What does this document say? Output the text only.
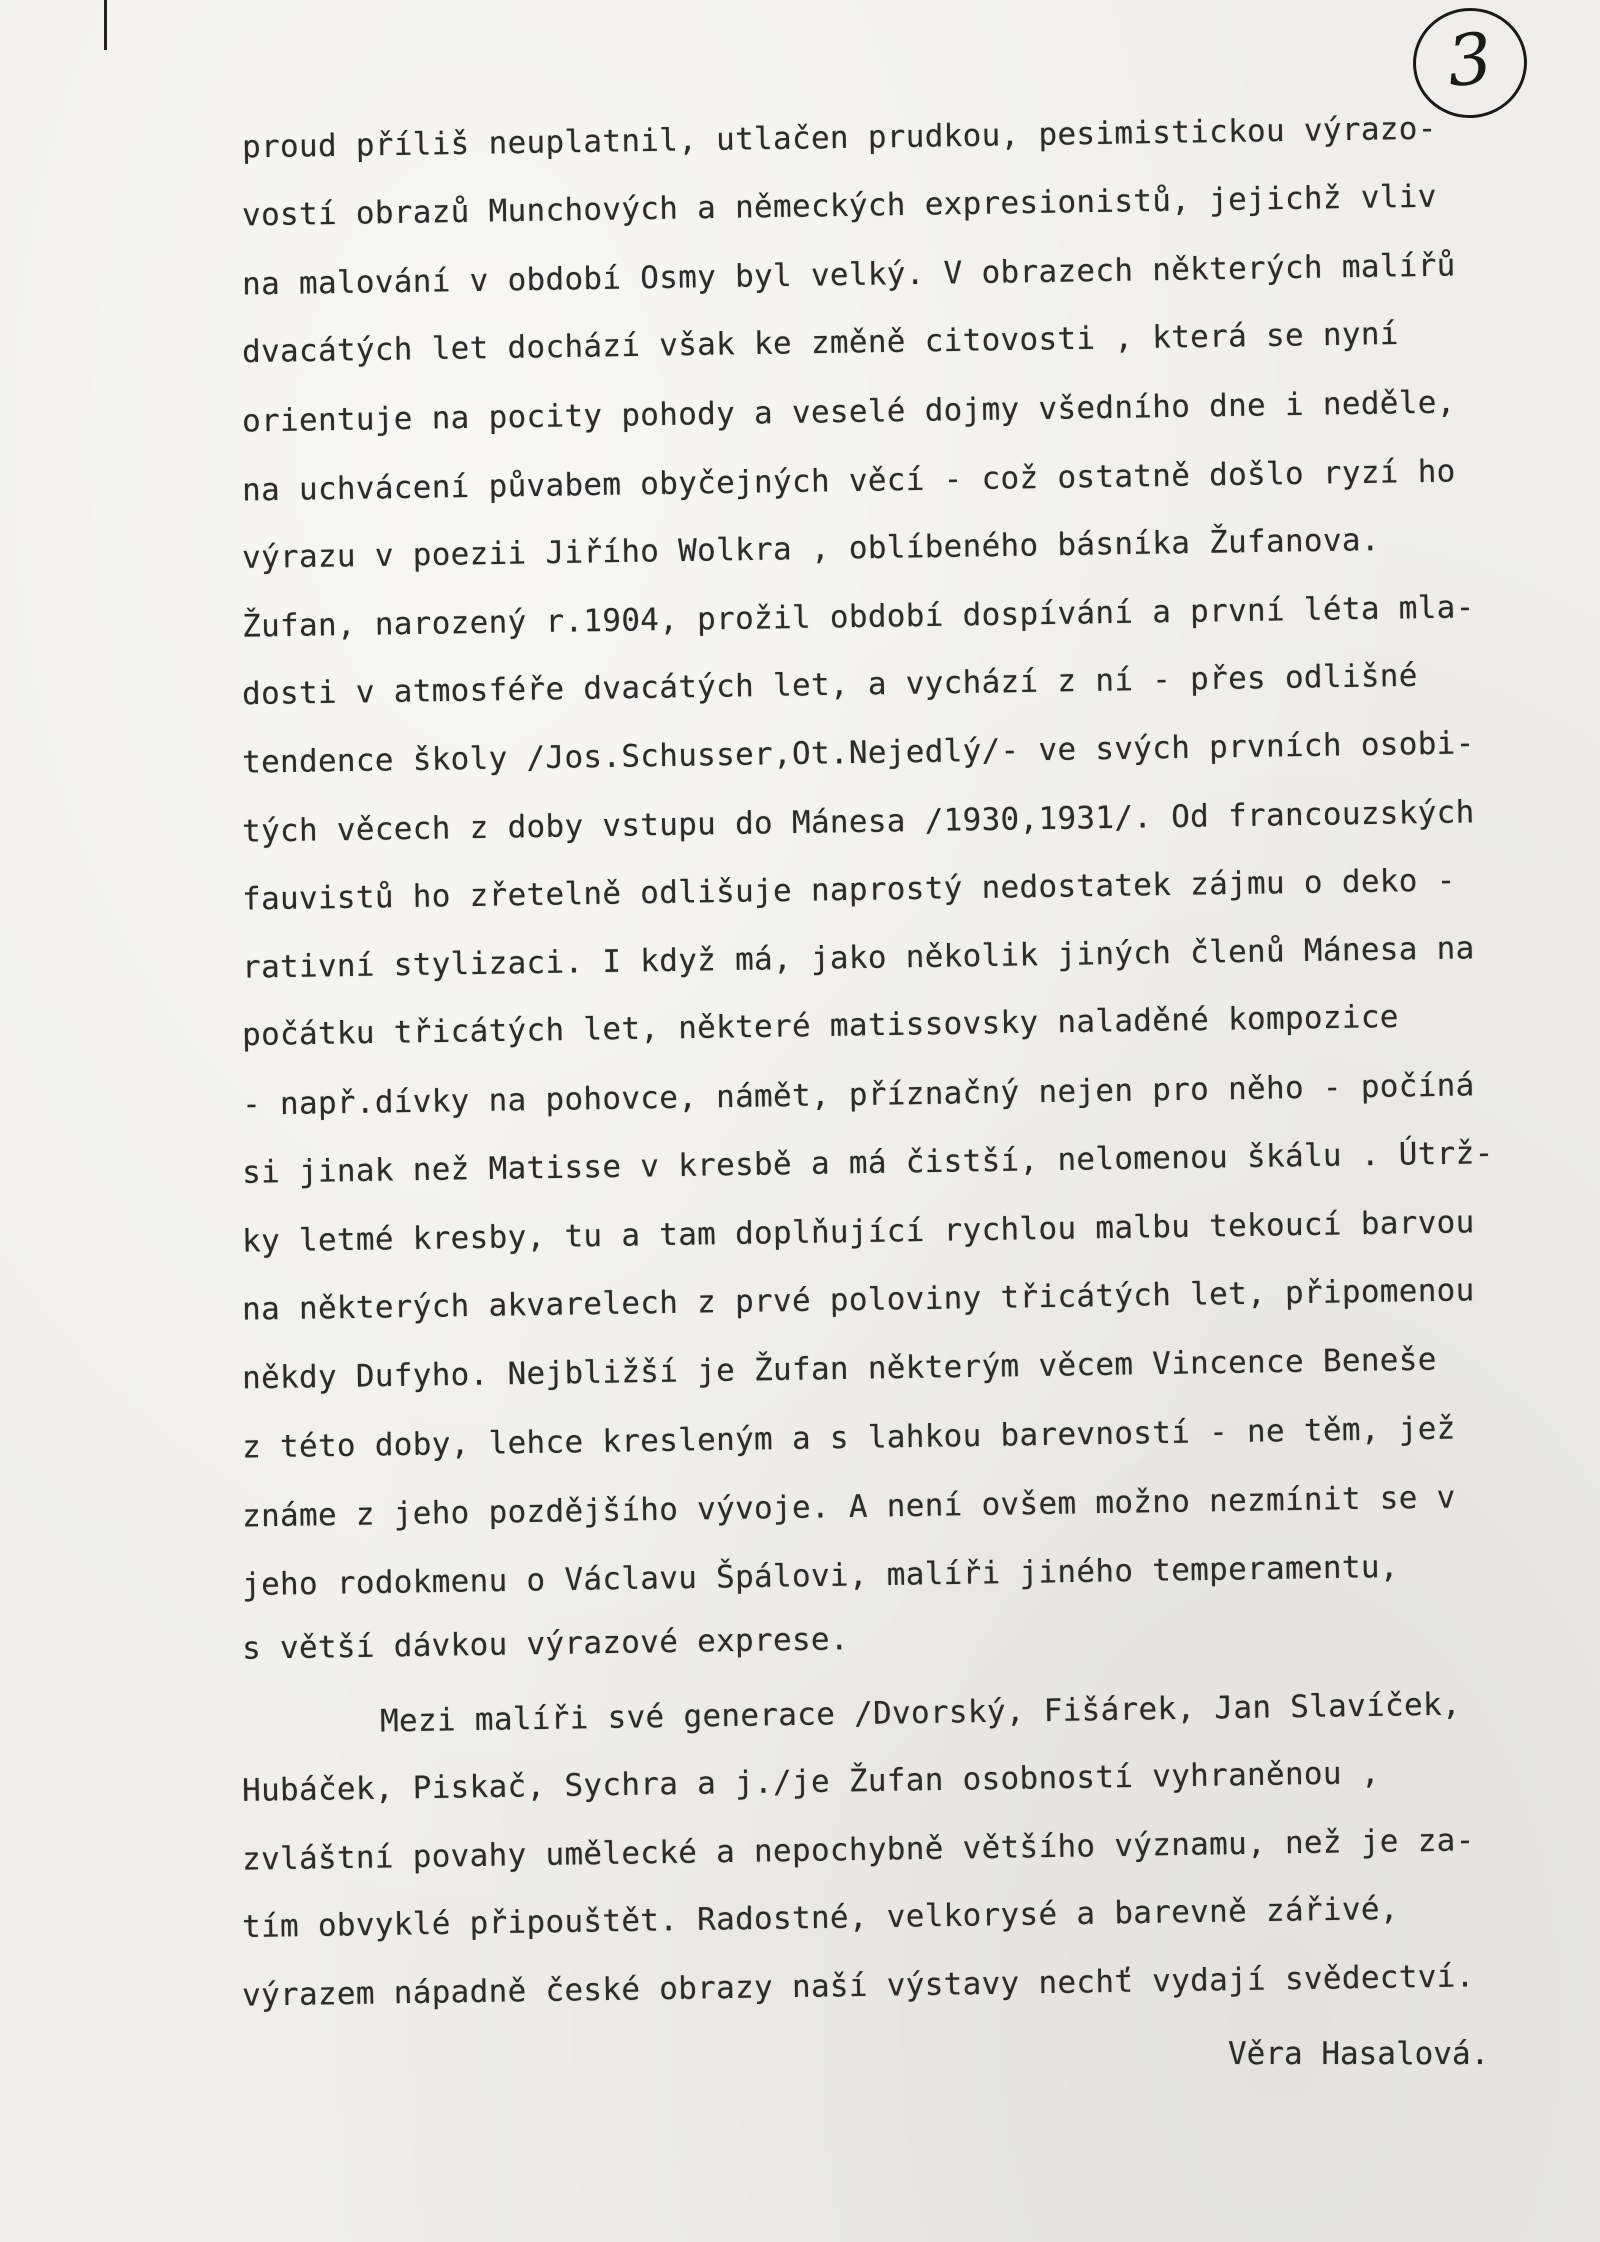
3
proud příliš neuplatnil, utlačen prudkou, pesimistickou výrazo-
vostí obrazů Munchových a německých expresionistů, jejichž vliv
na malování v období Osmy byl velký. V obrazech některých malířů
dvacátých let dochází však ke změně citovosti , která se nyní
orientuje na pocity pohody a veselé dojmy všedního dne i neděle,
na uchvácení půvabem obyčejných věcí - což ostatně došlo ryzí ho
výrazu v poezii Jiřího Wolkra , oblíbeného básníka Žufanova.
Žufan, narozený r.1904, prožil období dospívání a první léta mla-
dosti v atmosféře dvacátých let, a vychází z ní - přes odlišné
tendence školy /Jos.Schusser,Ot.Nejedlý/- ve svých prvních osobi-
tých věcech z doby vstupu do Mánesa /1930,1931/. Od francouzských
fauvistů ho zřetelně odlišuje naprostý nedostatek zájmu o deko -
rativní stylizaci. I když má, jako několik jiných členů Mánesa na
počátku třicátých let, některé matissovsky naladěné kompozice
- např.dívky na pohovce, námět, příznačný nejen pro něho - počíná
si jinak než Matisse v kresbě a má čistší, nelomenou škálu . Útrž-
ky letmé kresby, tu a tam doplňující rychlou malbu tekoucí barvou
na některých akvarelech z prvé poloviny třicátých let, připomenou
někdy Dufyho. Nejbližší je Žufan některým věcem Vincence Beneše
z této doby, lehce kresleným a s lahkou barevností - ne těm, jež
známe z jeho pozdějšího vývoje. A není ovšem možno nezmínit se v
jeho rodokmenu o Václavu Špálovi, malíři jiného temperamentu,
s větší dávkou výrazové exprese.
Mezi malíři své generace /Dvorský, Fišárek, Jan Slavíček,
Hubáček, Piskač, Sychra a j./je Žufan osobností vyhraněnou ,
zvláštní povahy umělecké a nepochybně většího významu, než je za-
tím obvyklé připouštět. Radostné, velkorysé a barevně zářivé,
výrazem nápadně české obrazy naší výstavy nechť vydají svědectví.
Věra Hasalová.
